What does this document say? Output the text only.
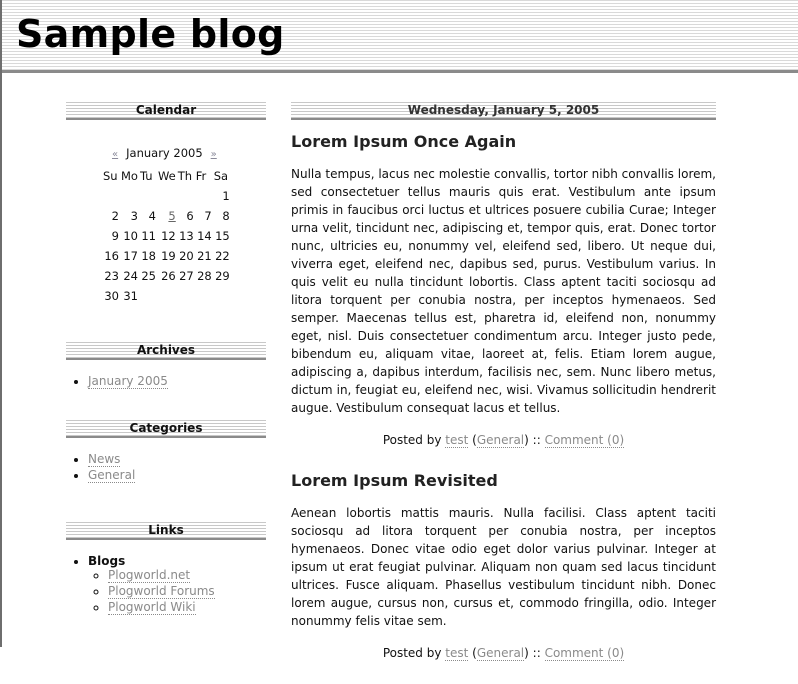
Sample blog
Calendar
« January 2005 »
Su	Mo	Tu	We	Th	Fr	Sa
						1
2	3	4	5	6	7	8
9	10	11	12	13	14	15
16	17	18	19	20	21	22
23	24	25	26	27	28	29
30	31					
Archives
• January 2005
Categories
• News
• General
Links
• Blogs
◦ Plogworld.net
◦ Plogworld Forums
◦ Plogworld Wiki
Wednesday, January 5, 2005
Lorem Ipsum Once Again

Nulla tempus, lacus nec molestie convallis, tortor nibh convallis lorem, sed consectetuer tellus mauris quis erat. Vestibulum ante ipsum primis in faucibus orci luctus et ultrices posuere cubilia Curae; Integer urna velit, tincidunt nec, adipiscing et, tempor quis, erat. Donec tortor nunc, ultricies eu, nonummy vel, eleifend sed, libero. Ut neque dui, viverra eget, eleifend nec, dapibus sed, purus. Vestibulum varius. In quis velit eu nulla tincidunt lobortis. Class aptent taciti sociosqu ad litora torquent per conubia nostra, per inceptos hymenaeos. Sed semper. Maecenas tellus est, pharetra id, eleifend non, nonummy eget, nisl. Duis consectetuer condimentum arcu. Integer justo pede, bibendum eu, aliquam vitae, laoreet at, felis. Etiam lorem augue, adipiscing a, dapibus interdum, facilisis nec, sem. Nunc libero metus, dictum in, feugiat eu, eleifend nec, wisi. Vivamus sollicitudin hendrerit augue. Vestibulum consequat lacus et tellus.

Posted by test (General) :: Comment (0)
Lorem Ipsum Revisited

Aenean lobortis mattis mauris. Nulla facilisi. Class aptent taciti sociosqu ad litora torquent per conubia nostra, per inceptos hymenaeos. Donec vitae odio eget dolor varius pulvinar. Integer at ipsum ut erat feugiat pulvinar. Aliquam non quam sed lacus tincidunt ultrices. Fusce aliquam. Phasellus vestibulum tincidunt nibh. Donec lorem augue, cursus non, cursus et, commodo fringilla, odio. Integer nonummy felis vitae sem.

Posted by test (General) :: Comment (0)
